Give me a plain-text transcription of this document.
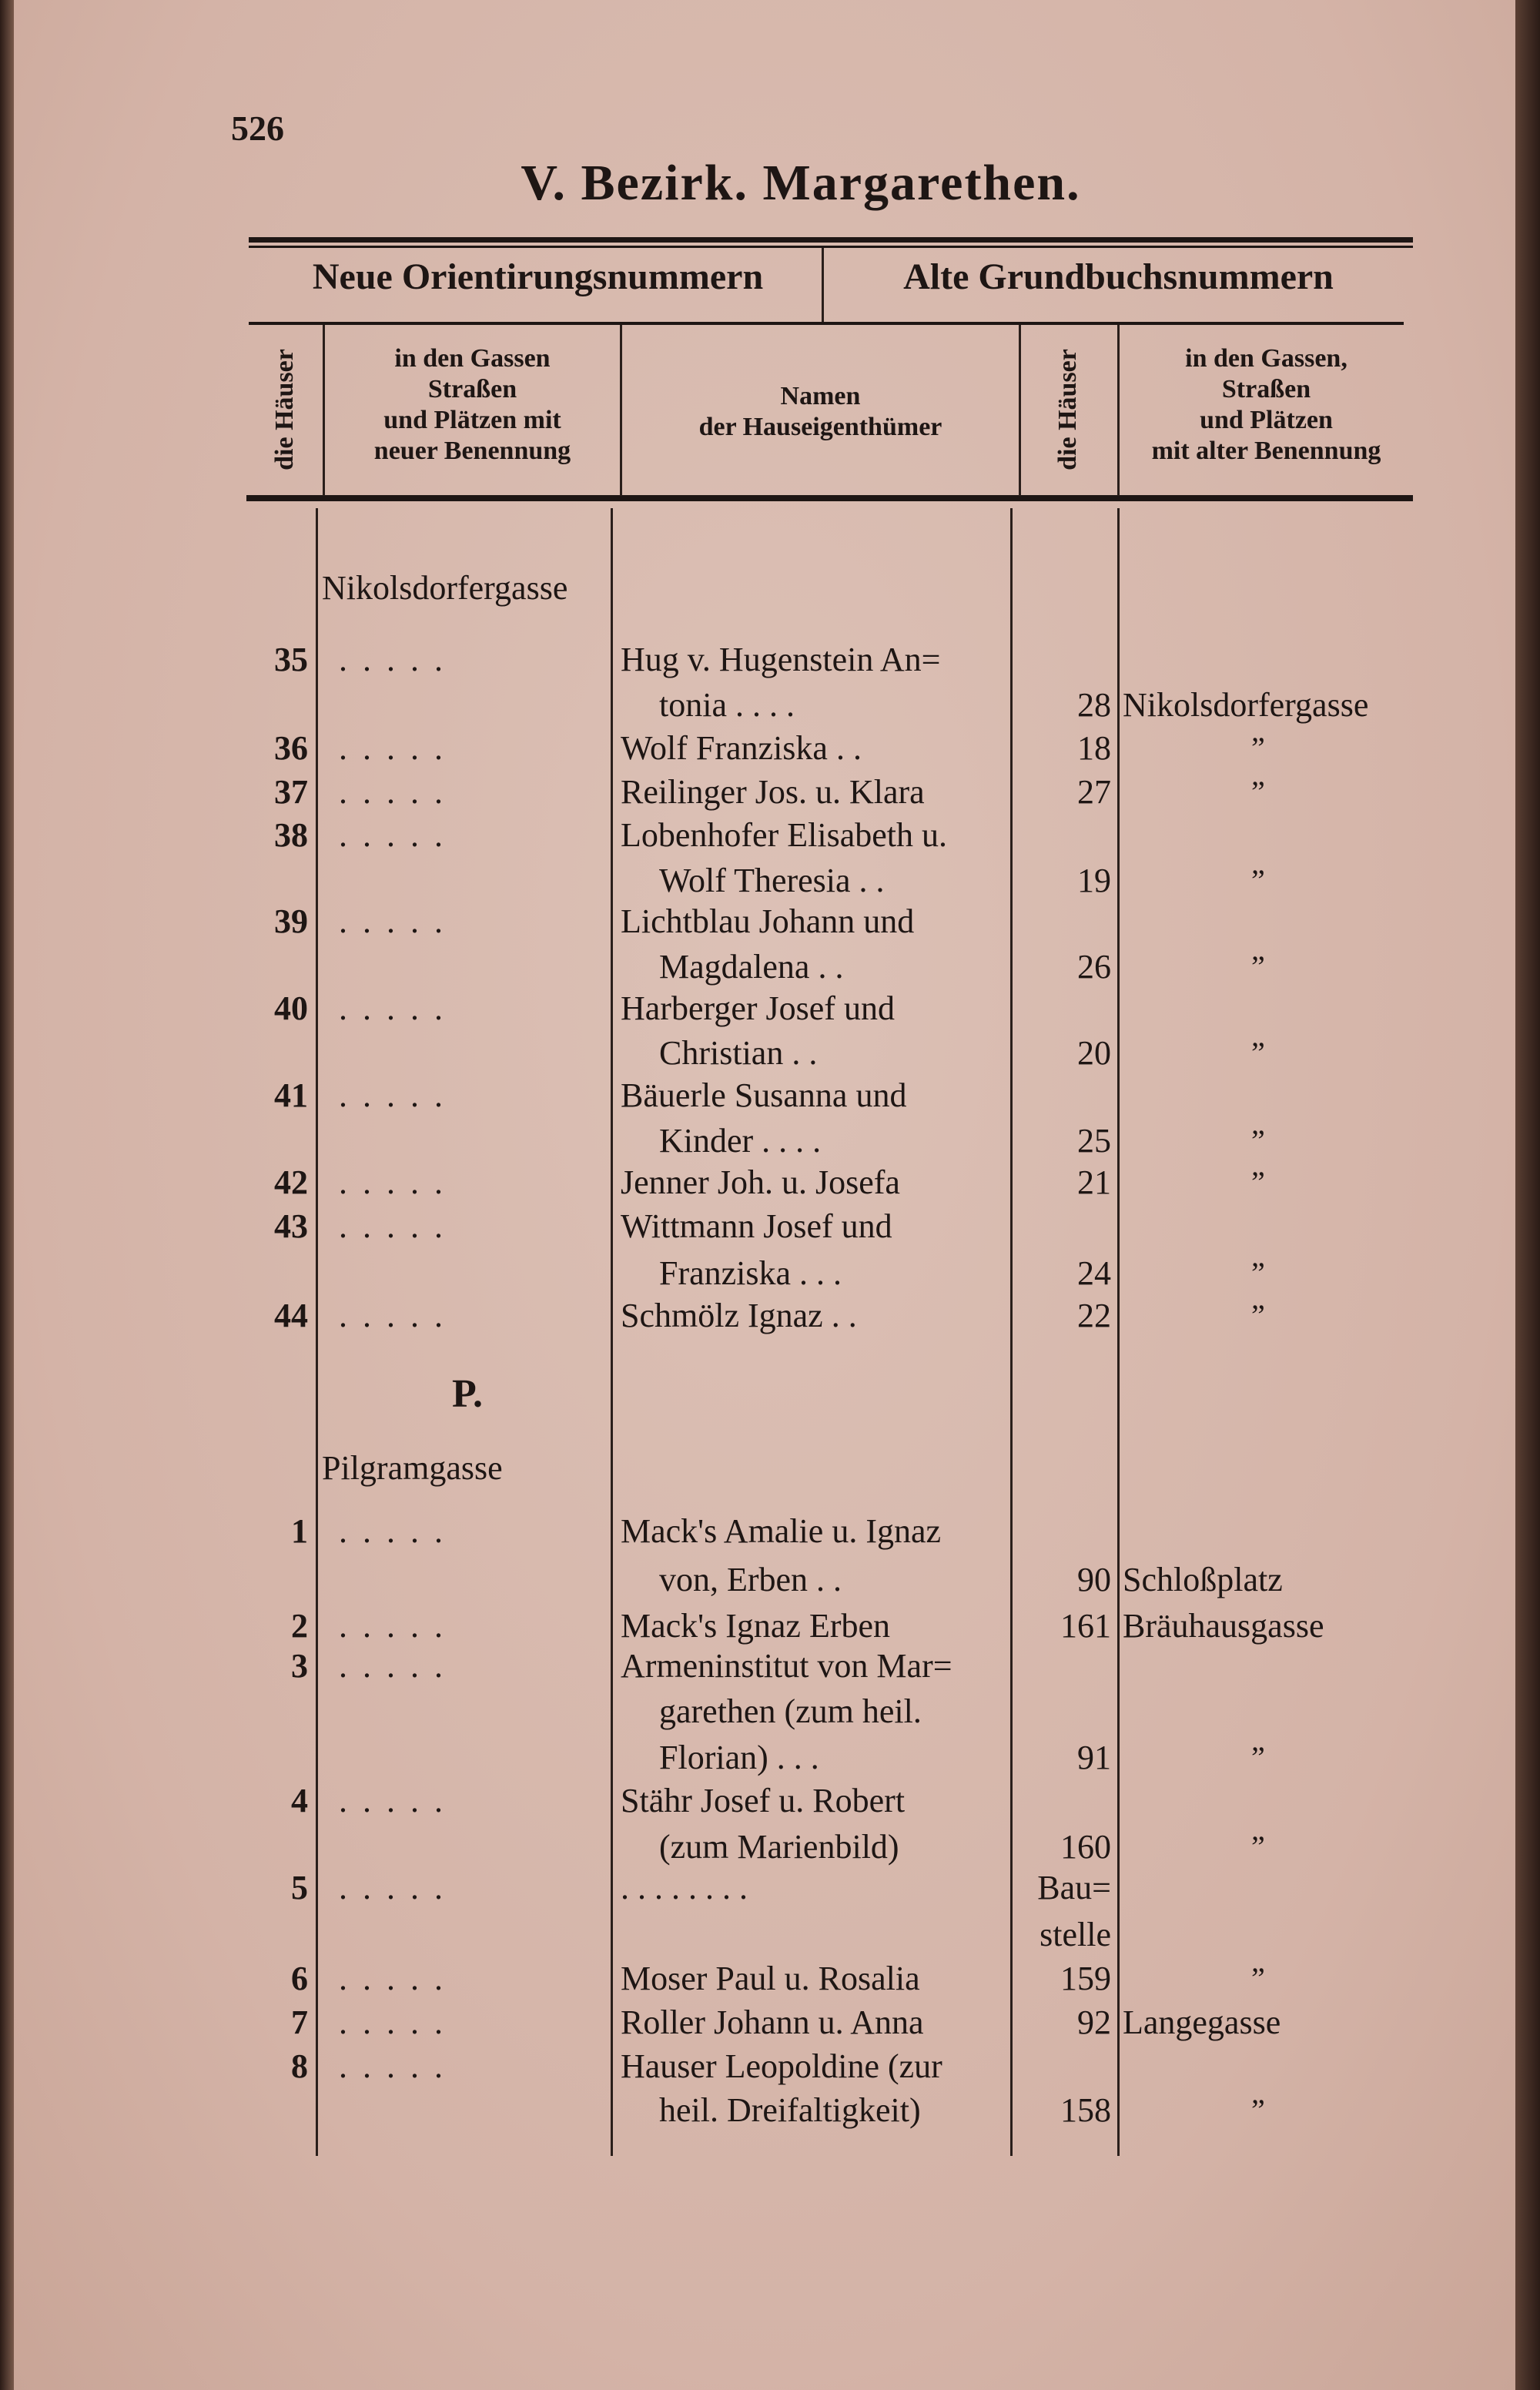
526
V. Bezirk. Margarethen.
Neue Orientirungsnummern	Alte Grundbuchsnummern
die Häuser	in den Gassen
Straßen
und Plätzen mit
neuer Benennung
Namen
der Hauseigenthümer	die Häuser	in den Gassen,
Straßen
und Plätzen
mit alter Benennung
Nikolsdorfergasse
35 .....	Hug v. Hugenstein An=
tonia . . . .	28 Nikolsdorfergasse
36 .....	Wolf Franziska . .	18	”
37 .....	Reilinger Jos. u. Klara	27	”
38 .....	Lobenhofer Elisabeth u.
Wolf Theresia . .	19	”
39 .....	Lichtblau Johann und
Magdalena . .	26	”
40 .....	Harberger Josef und
Christian . .	20	”
41 .....	Bäuerle Susanna und
Kinder . . . .	25	”
42 .....	Jenner Joh. u. Josefa	21	”
43 .....	Wittmann Josef und
Franziska . . .	24	”
44 .....	Schmölz Ignaz . .	22	”
P.
Pilgramgasse
1 .....	Mack's Amalie u. Ignaz
von, Erben . .	90 Schloßplatz
2 .....	Mack's Ignaz Erben	161 Bräuhausgasse
3 .....	Armeninstitut von Mar=
garethen (zum heil.
Florian) . . .	91	”
4 .....	Stähr Josef u. Robert
(zum Marienbild)	160	”
5 .....	. . . . . . . .	Bau=
stelle
6 .....	Moser Paul u. Rosalia	159	”
7 .....	Roller Johann u. Anna	92 Langegasse
8 .....	Hauser Leopoldine (zur
heil. Dreifaltigkeit)	158	”
